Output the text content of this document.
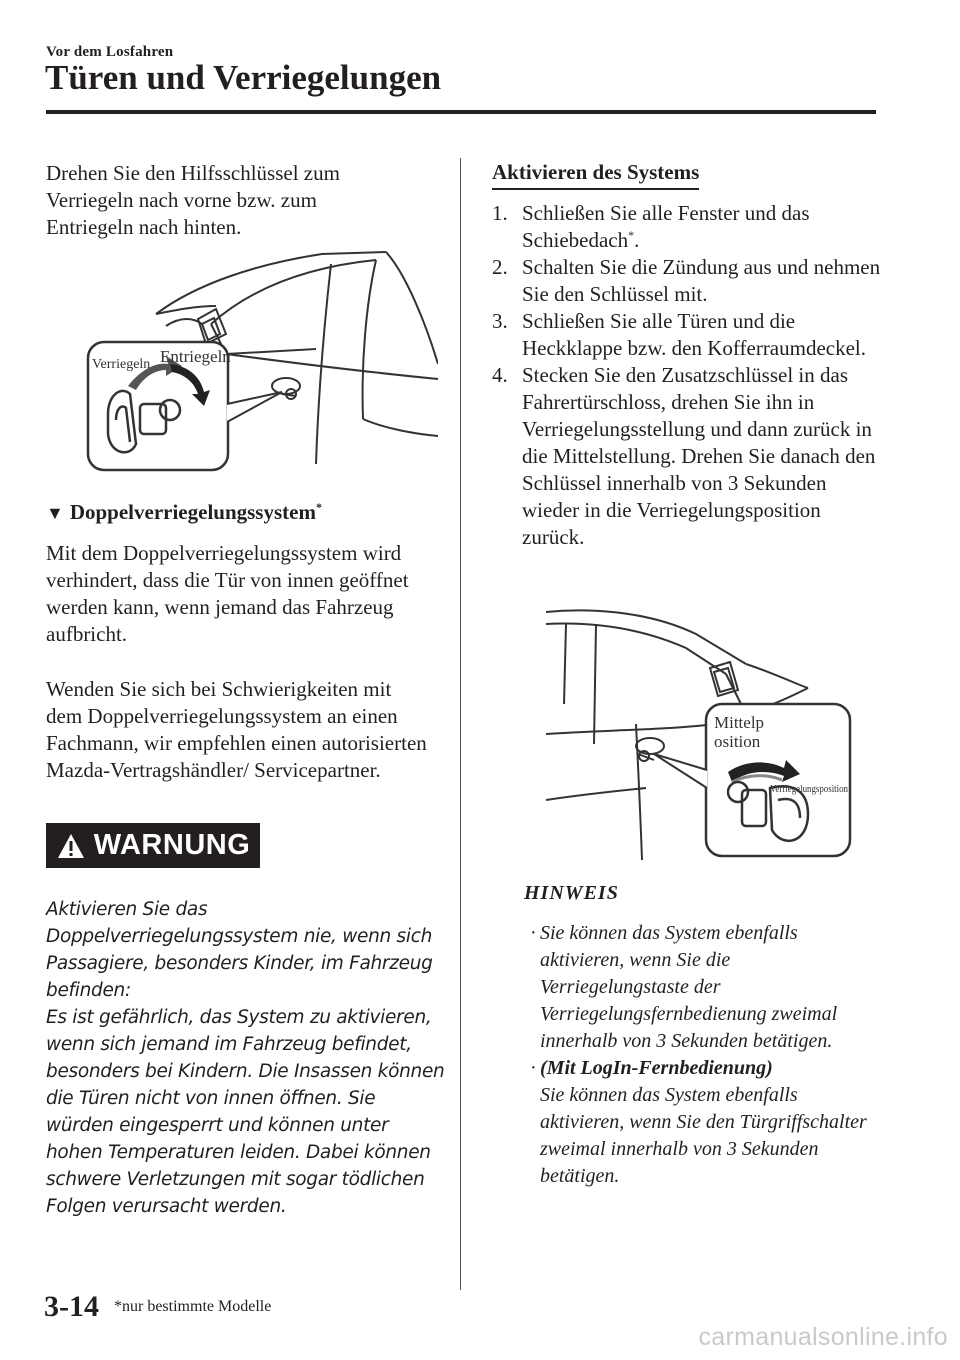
Vor dem Losfahren
Türen und Verriegelungen

Drehen Sie den Hilfsschlüssel zum Verriegeln nach vorne bzw. zum Entriegeln nach hinten.

Verriegeln Entriegeln

▼ Doppelverriegelungssystem*

Mit dem Doppelverriegelungssystem wird verhindert, dass die Tür von innen geöffnet werden kann, wenn jemand das Fahrzeug aufbricht.

Wenden Sie sich bei Schwierigkeiten mit dem Doppelverriegelungssystem an einen Fachmann, wir empfehlen einen autorisierten Mazda-Vertragshändler/ Servicepartner.

WARNUNG

Aktivieren Sie das Doppelverriegelungssystem nie, wenn sich Passagiere, besonders Kinder, im Fahrzeug befinden:

Es ist gefährlich, das System zu aktivieren, wenn sich jemand im Fahrzeug befindet, besonders bei Kindern. Die Insassen können die Türen nicht von innen öffnen. Sie würden eingesperrt und können unter hohen Temperaturen leiden. Dabei können schwere Verletzungen mit sogar tödlichen Folgen verursacht werden.

Aktivieren des Systems
1. Schließen Sie alle Fenster und das Schiebedach*.
2. Schalten Sie die Zündung aus und nehmen Sie den Schlüssel mit.
3. Schließen Sie alle Türen und die Heckklappe bzw. den Kofferraumdeckel.
4. Stecken Sie den Zusatzschlüssel in das Fahrertürschloss, drehen Sie ihn in Verriegelungsstellung und dann zurück in die Mittelstellung. Drehen Sie danach den Schlüssel innerhalb von 3 Sekunden wieder in die Verriegelungsposition zurück.
Mittelp
osition
Verriegelungsposition
HINWEIS
· Sie können das System ebenfalls aktivieren, wenn Sie die Verriegelungstaste der Verriegelungsfernbedienung zweimal innerhalb von 3 Sekunden betätigen.
· (Mit LogIn-Fernbedienung)
Sie können das System ebenfalls aktivieren, wenn Sie den Türgriffschalter zweimal innerhalb von 3 Sekunden betätigen.
3-14 *nur bestimmte Modelle
carmanualsonline.info
